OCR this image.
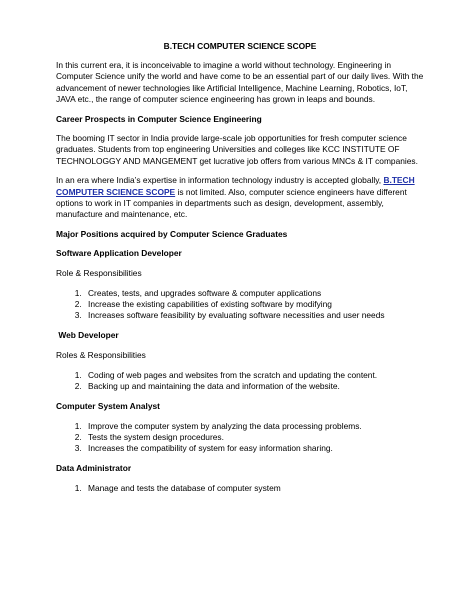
B.TECH COMPUTER SCIENCE SCOPE

In this current era, it is inconceivable to imagine a world without technology. Engineering in Computer Science unify the world and have come to be an essential part of our daily lives. With the advancement of newer technologies like Artificial Intelligence, Machine Learning, Robotics, IoT, JAVA etc., the range of computer science engineering has grown in leaps and bounds.

Career Prospects in Computer Science Engineering

The booming IT sector in India provide large-scale job opportunities for fresh computer science graduates. Students from top engineering Universities and colleges like KCC INSTITUTE OF TECHNOLOGGY AND MANGEMENT get lucrative job offers from various MNCs & IT companies.

In an era where India’s expertise in information technology industry is accepted globally, B.TECH COMPUTER SCIENCE SCOPE is not limited. Also, computer science engineers have different options to work in IT companies in departments such as design, development, assembly, manufacture and maintenance, etc.

Major Positions acquired by Computer Science Graduates
Software Application Developer

Role & Responsibilities

1. Creates, tests, and upgrades software & computer applications
2. Increase the existing capabilities of existing software by modifying
3. Increases software feasibility by evaluating software necessities and user needs
Web Developer

Roles & Responsibilities

1. Coding of web pages and websites from the scratch and updating the content.
2. Backing up and maintaining the data and information of the website.
Computer System Analyst
1. Improve the computer system by analyzing the data processing problems.
2. Tests the system design procedures.
3. Increases the compatibility of system for easy information sharing.
Data Administrator
1. Manage and tests the database of computer system
